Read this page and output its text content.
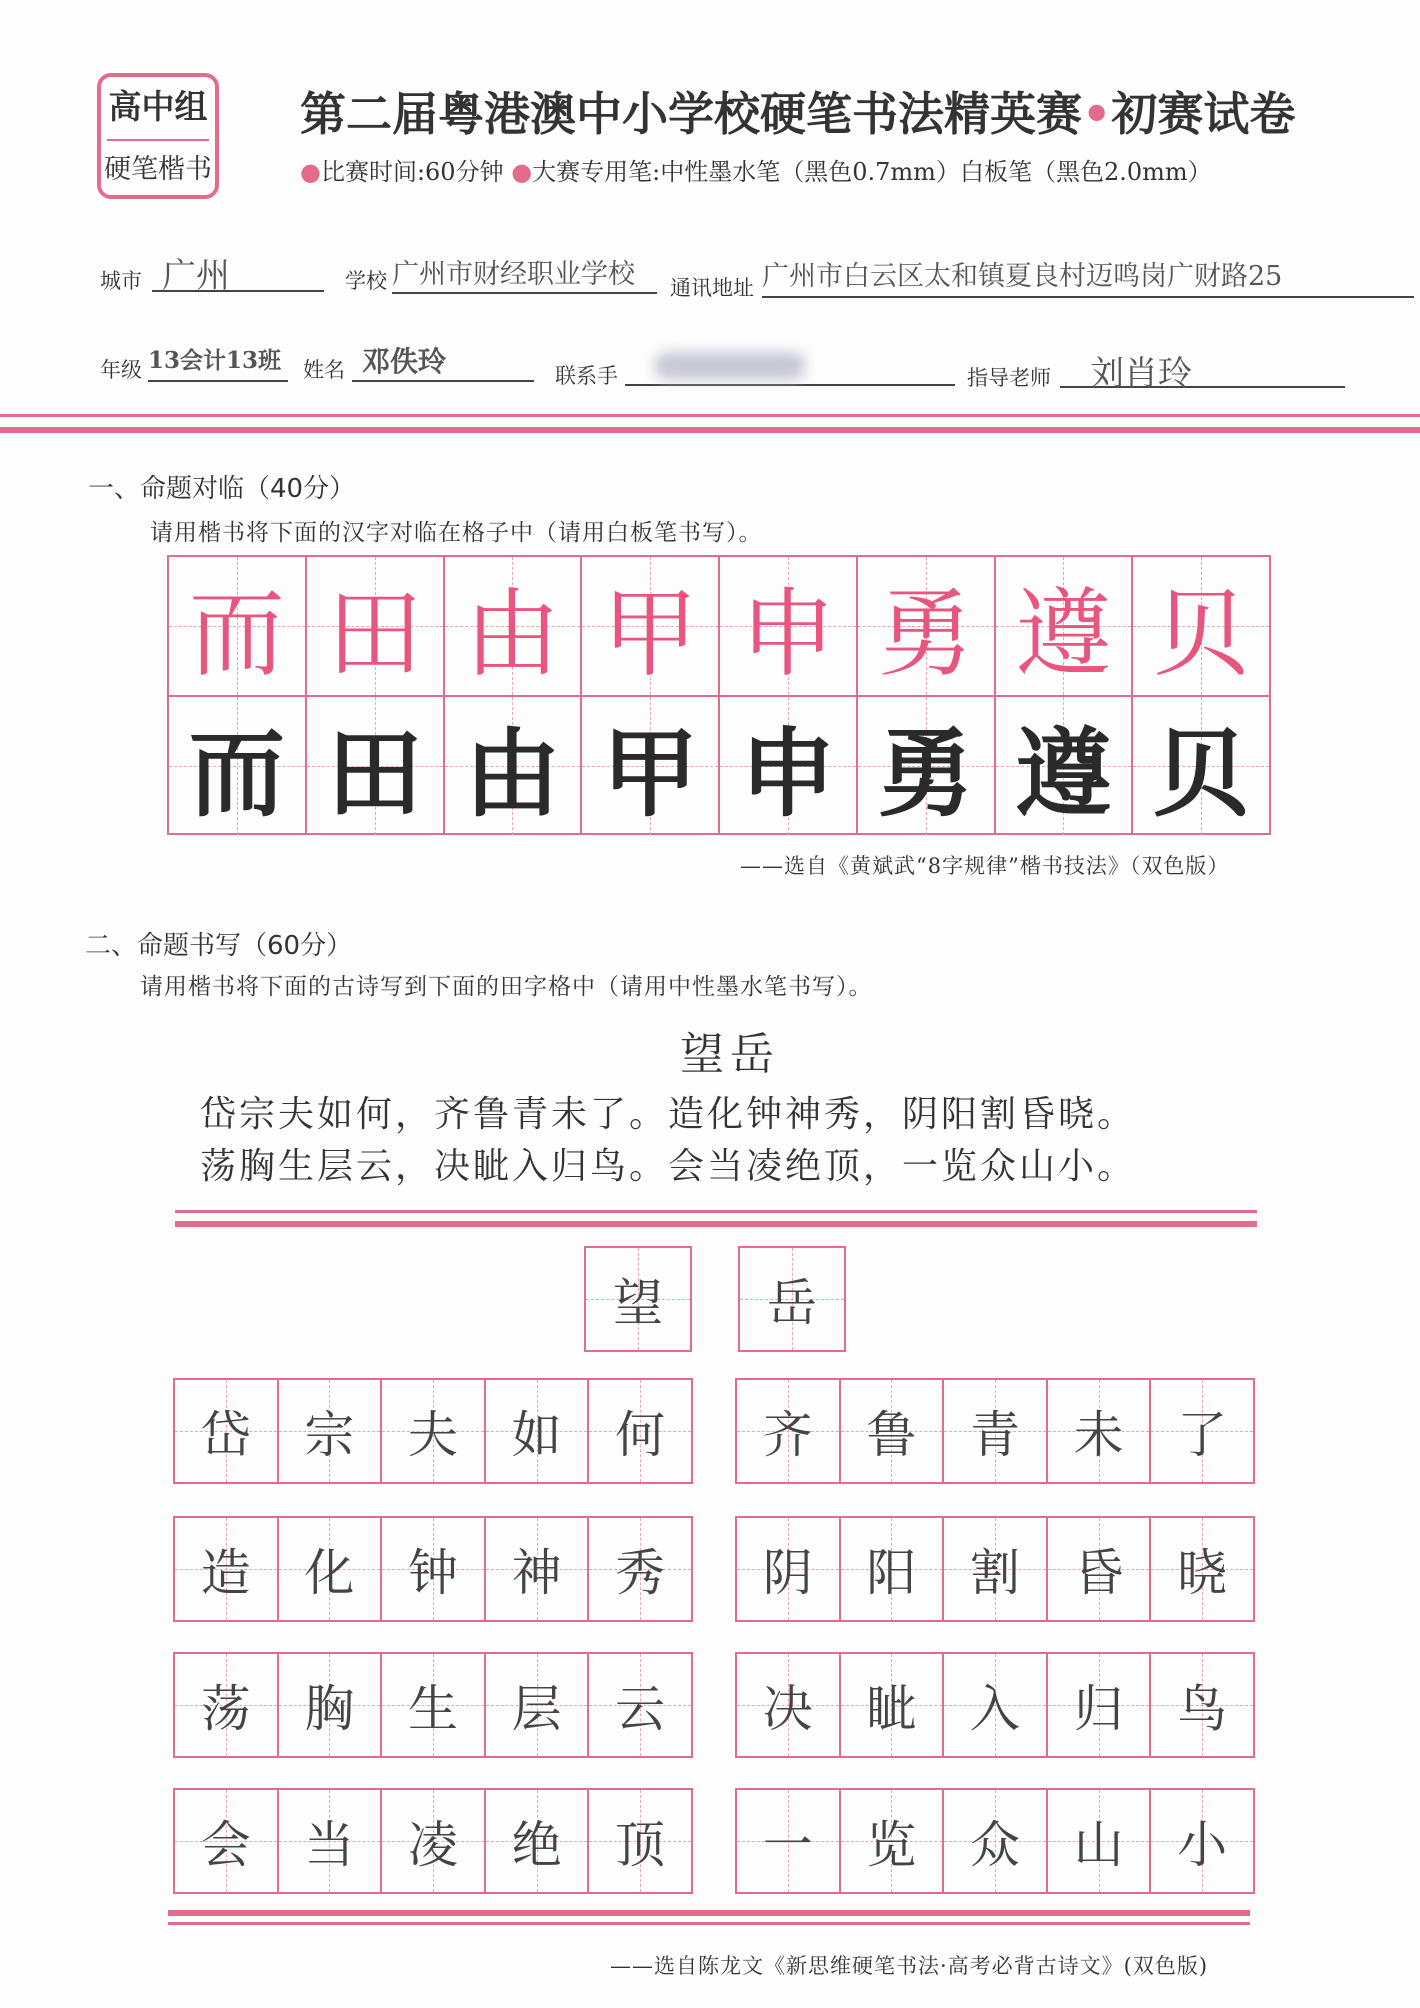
高中组
硬笔楷书
第二届粤港澳中小学校硬笔书法精英赛•初赛试卷
●比赛时间:60分钟 ●大赛专用笔:中性墨水笔（黑色0.7mm）白板笔（黑色2.0mm）
城市 广州	学校 广州市财经职业学校	通讯地址 广州市白云区太和镇夏良村迈鸣岗广财路25
年级 13会计13班	姓名 邓佚玲	联系手	指导老师	刘肖玲
一、命题对临（40分）
请用楷书将下面的汉字对临在格子中（请用白板笔书写）。
而 田 由 甲 申 勇 遵 贝
而 田 由 甲 申 勇 遵 贝
——选自《黄斌武“8字规律”楷书技法》（双色版）
二、命题书写（60分）
请用楷书将下面的古诗写到下面的田字格中（请用中性墨水笔书写）。
望岳
岱宗夫如何，齐鲁青未了。造化钟神秀，阴阳割昏晓。
荡胸生层云，决眦入归鸟。会当凌绝顶，一览众山小。
望 岳
岱 宗 夫 如 何 齐 鲁 青 未 了
造 化 钟 神 秀 阴 阳 割 昏 晓
荡 胸 生 层 云 决 眦 入 归 鸟
会 当 凌 绝 顶 一 览 众 山 小
——选自陈龙文《新思维硬笔书法·高考必背古诗文》(双色版)
